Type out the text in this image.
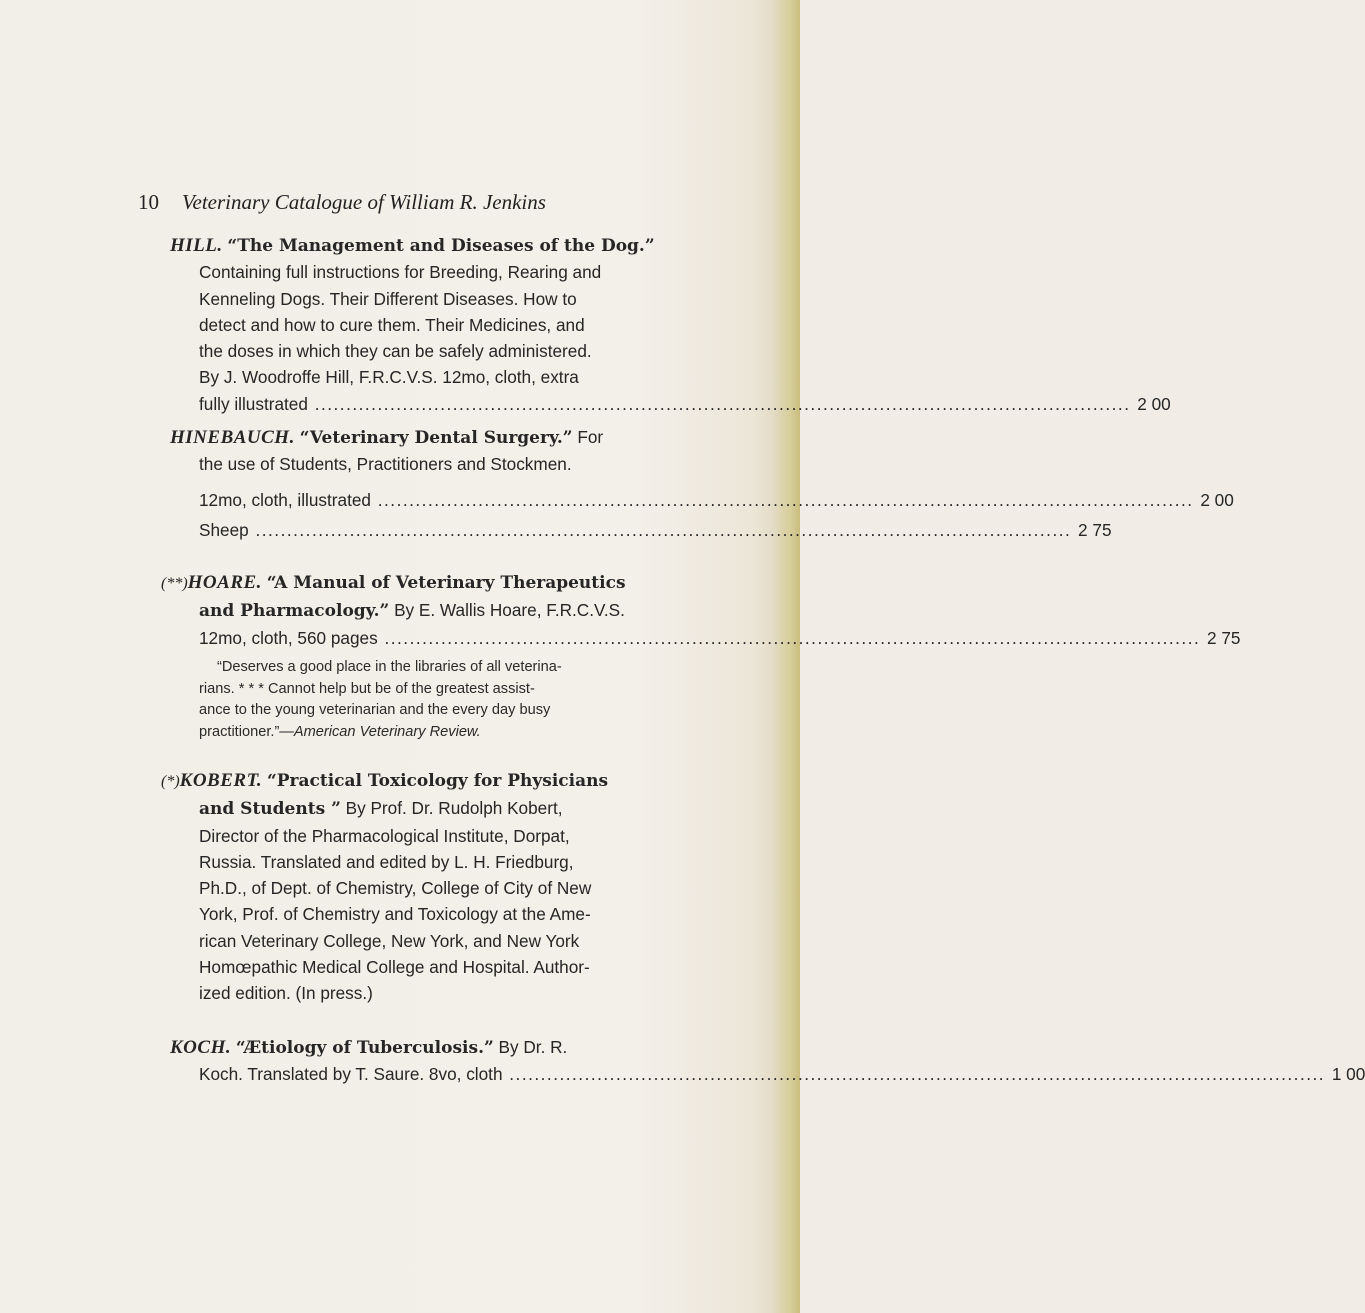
10 Veterinary Catalogue of William R. Jenkins
HILL. “The Management and Diseases of the Dog.”
Containing full instructions for Breeding, Rearing and
Kenneling Dogs. Their Different Diseases. How to
detect and how to cure them. Their Medicines, and
the doses in which they can be safely administered.
By J. Woodroffe Hill, F.R.C.V.S. 12mo, cloth, extra
fully illustrated .....	2 00
HINEBAUCH. “Veterinary Dental Surgery.” For
the use of Students, Practitioners and Stockmen.
12mo, cloth, illustrated .....	2 00
Sheep .....	2 75
(**)HOARE. “A Manual of Veterinary Therapeutics
and Pharmacology.” By E. Wallis Hoare, F.R.C.V.S.
12mo, cloth, 560 pages .....	2 75
“Deserves a good place in the libraries of all veterina-
rians. * * * Cannot help but be of the greatest assist-
ance to the young veterinarian and the every day busy
practitioner.”—American Veterinary Review.
(*)KOBERT. “Practical Toxicology for Physicians
and Students ” By Prof. Dr. Rudolph Kobert,
Director of the Pharmacological Institute, Dorpat,
Russia. Translated and edited by L. H. Friedburg,
Ph.D., of Dept. of Chemistry, College of City of New
York, Prof. of Chemistry and Toxicology at the Ame-
rican Veterinary College, New York, and New York
Homœpathic Medical College and Hospital. Author-
ized edition. (In press.)
KOCH. “Ætiology of Tuberculosis.” By Dr. R.
Koch. Translated by T. Saure. 8vo, cloth .....	1 00
